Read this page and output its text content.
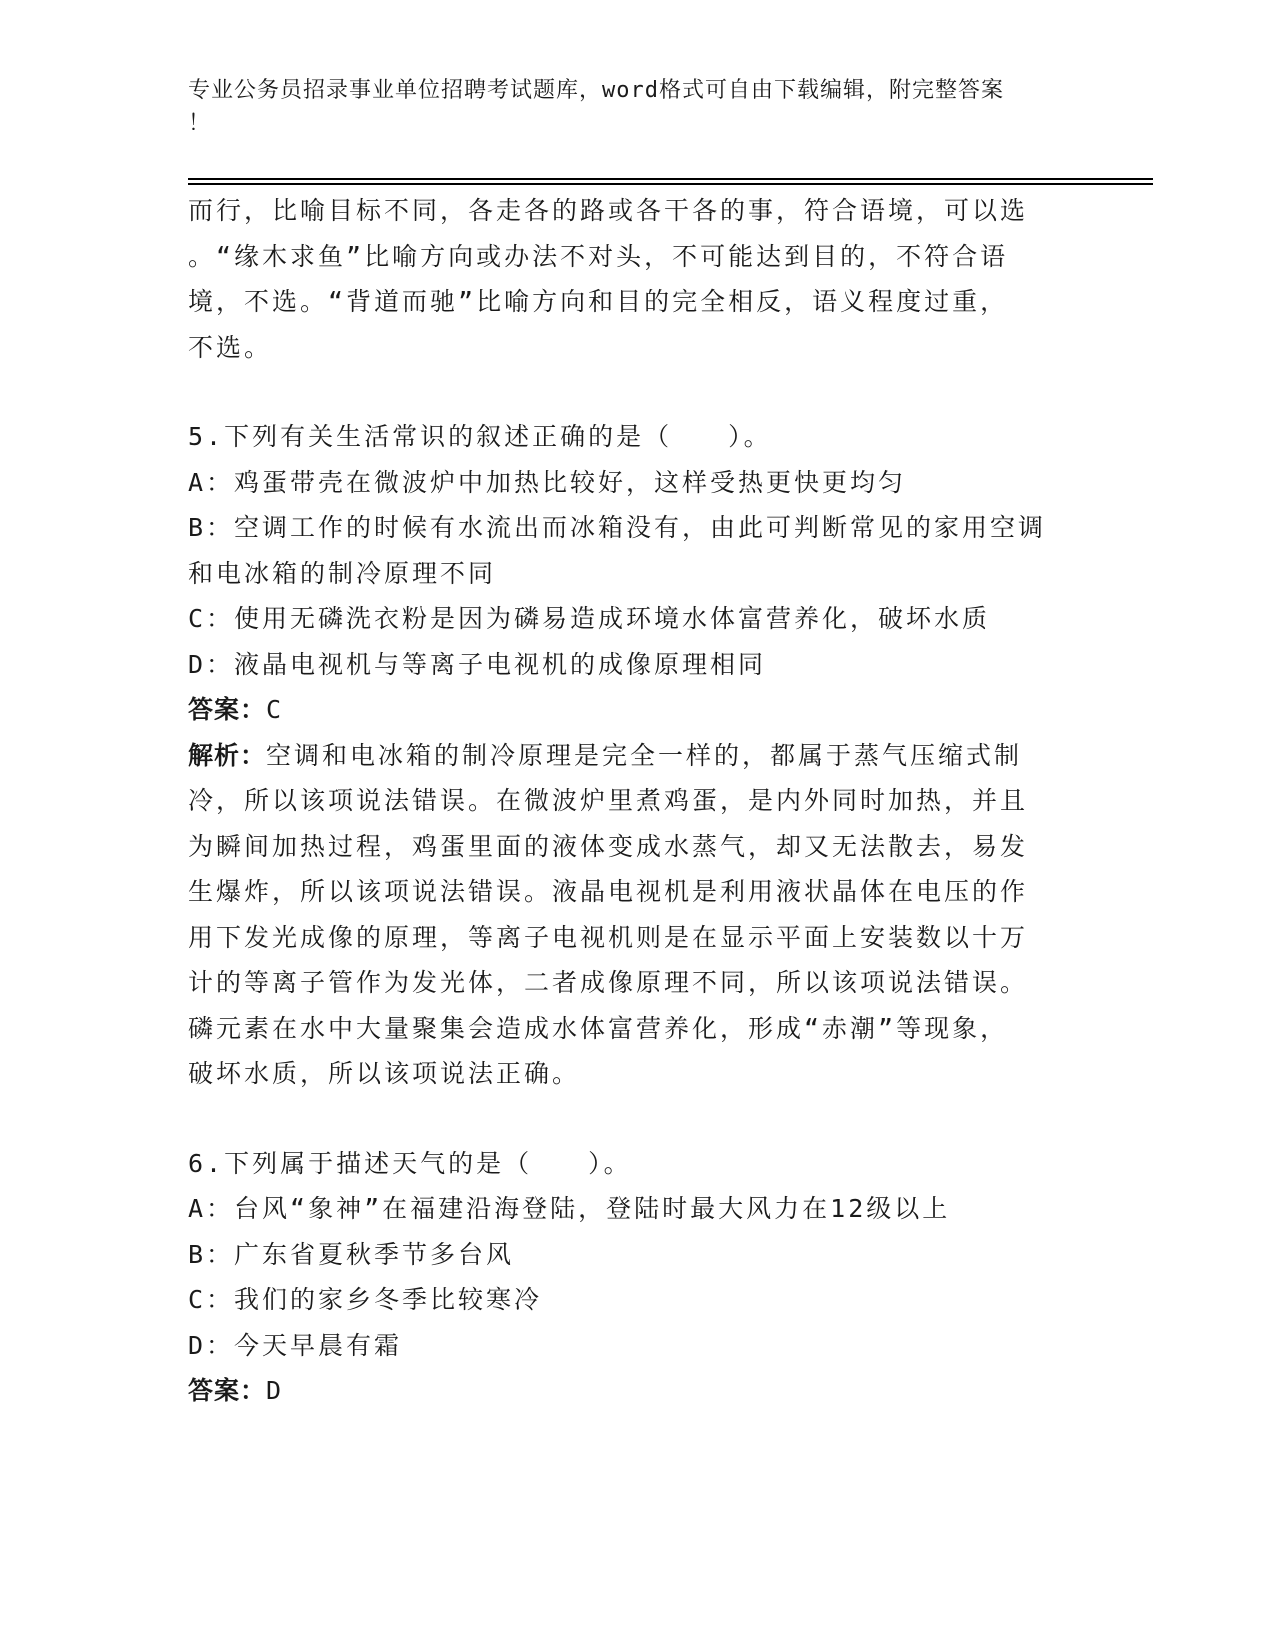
专业公务员招录事业单位招聘考试题库，word格式可自由下载编辑，附完整答案
！
而行，比喻目标不同，各走各的路或各干各的事，符合语境，可以选
。“缘木求鱼”比喻方向或办法不对头，不可能达到目的，不符合语
境，不选。“背道而驰”比喻方向和目的完全相反，语义程度过重，
不选。
5.下列有关生活常识的叙述正确的是（　　）。
A：鸡蛋带壳在微波炉中加热比较好，这样受热更快更均匀
B：空调工作的时候有水流出而冰箱没有，由此可判断常见的家用空调
和电冰箱的制冷原理不同
C：使用无磷洗衣粉是因为磷易造成环境水体富营养化，破坏水质
D：液晶电视机与等离子电视机的成像原理相同
答案：C
解析：空调和电冰箱的制冷原理是完全一样的，都属于蒸气压缩式制
冷，所以该项说法错误。在微波炉里煮鸡蛋，是内外同时加热，并且
为瞬间加热过程，鸡蛋里面的液体变成水蒸气，却又无法散去，易发
生爆炸，所以该项说法错误。液晶电视机是利用液状晶体在电压的作
用下发光成像的原理，等离子电视机则是在显示平面上安装数以十万
计的等离子管作为发光体，二者成像原理不同，所以该项说法错误。
磷元素在水中大量聚集会造成水体富营养化，形成“赤潮”等现象，
破坏水质，所以该项说法正确。
6.下列属于描述天气的是（　　）。
A：台风“象神”在福建沿海登陆，登陆时最大风力在12级以上
B：广东省夏秋季节多台风
C：我们的家乡冬季比较寒冷
D：今天早晨有霜
答案：D
